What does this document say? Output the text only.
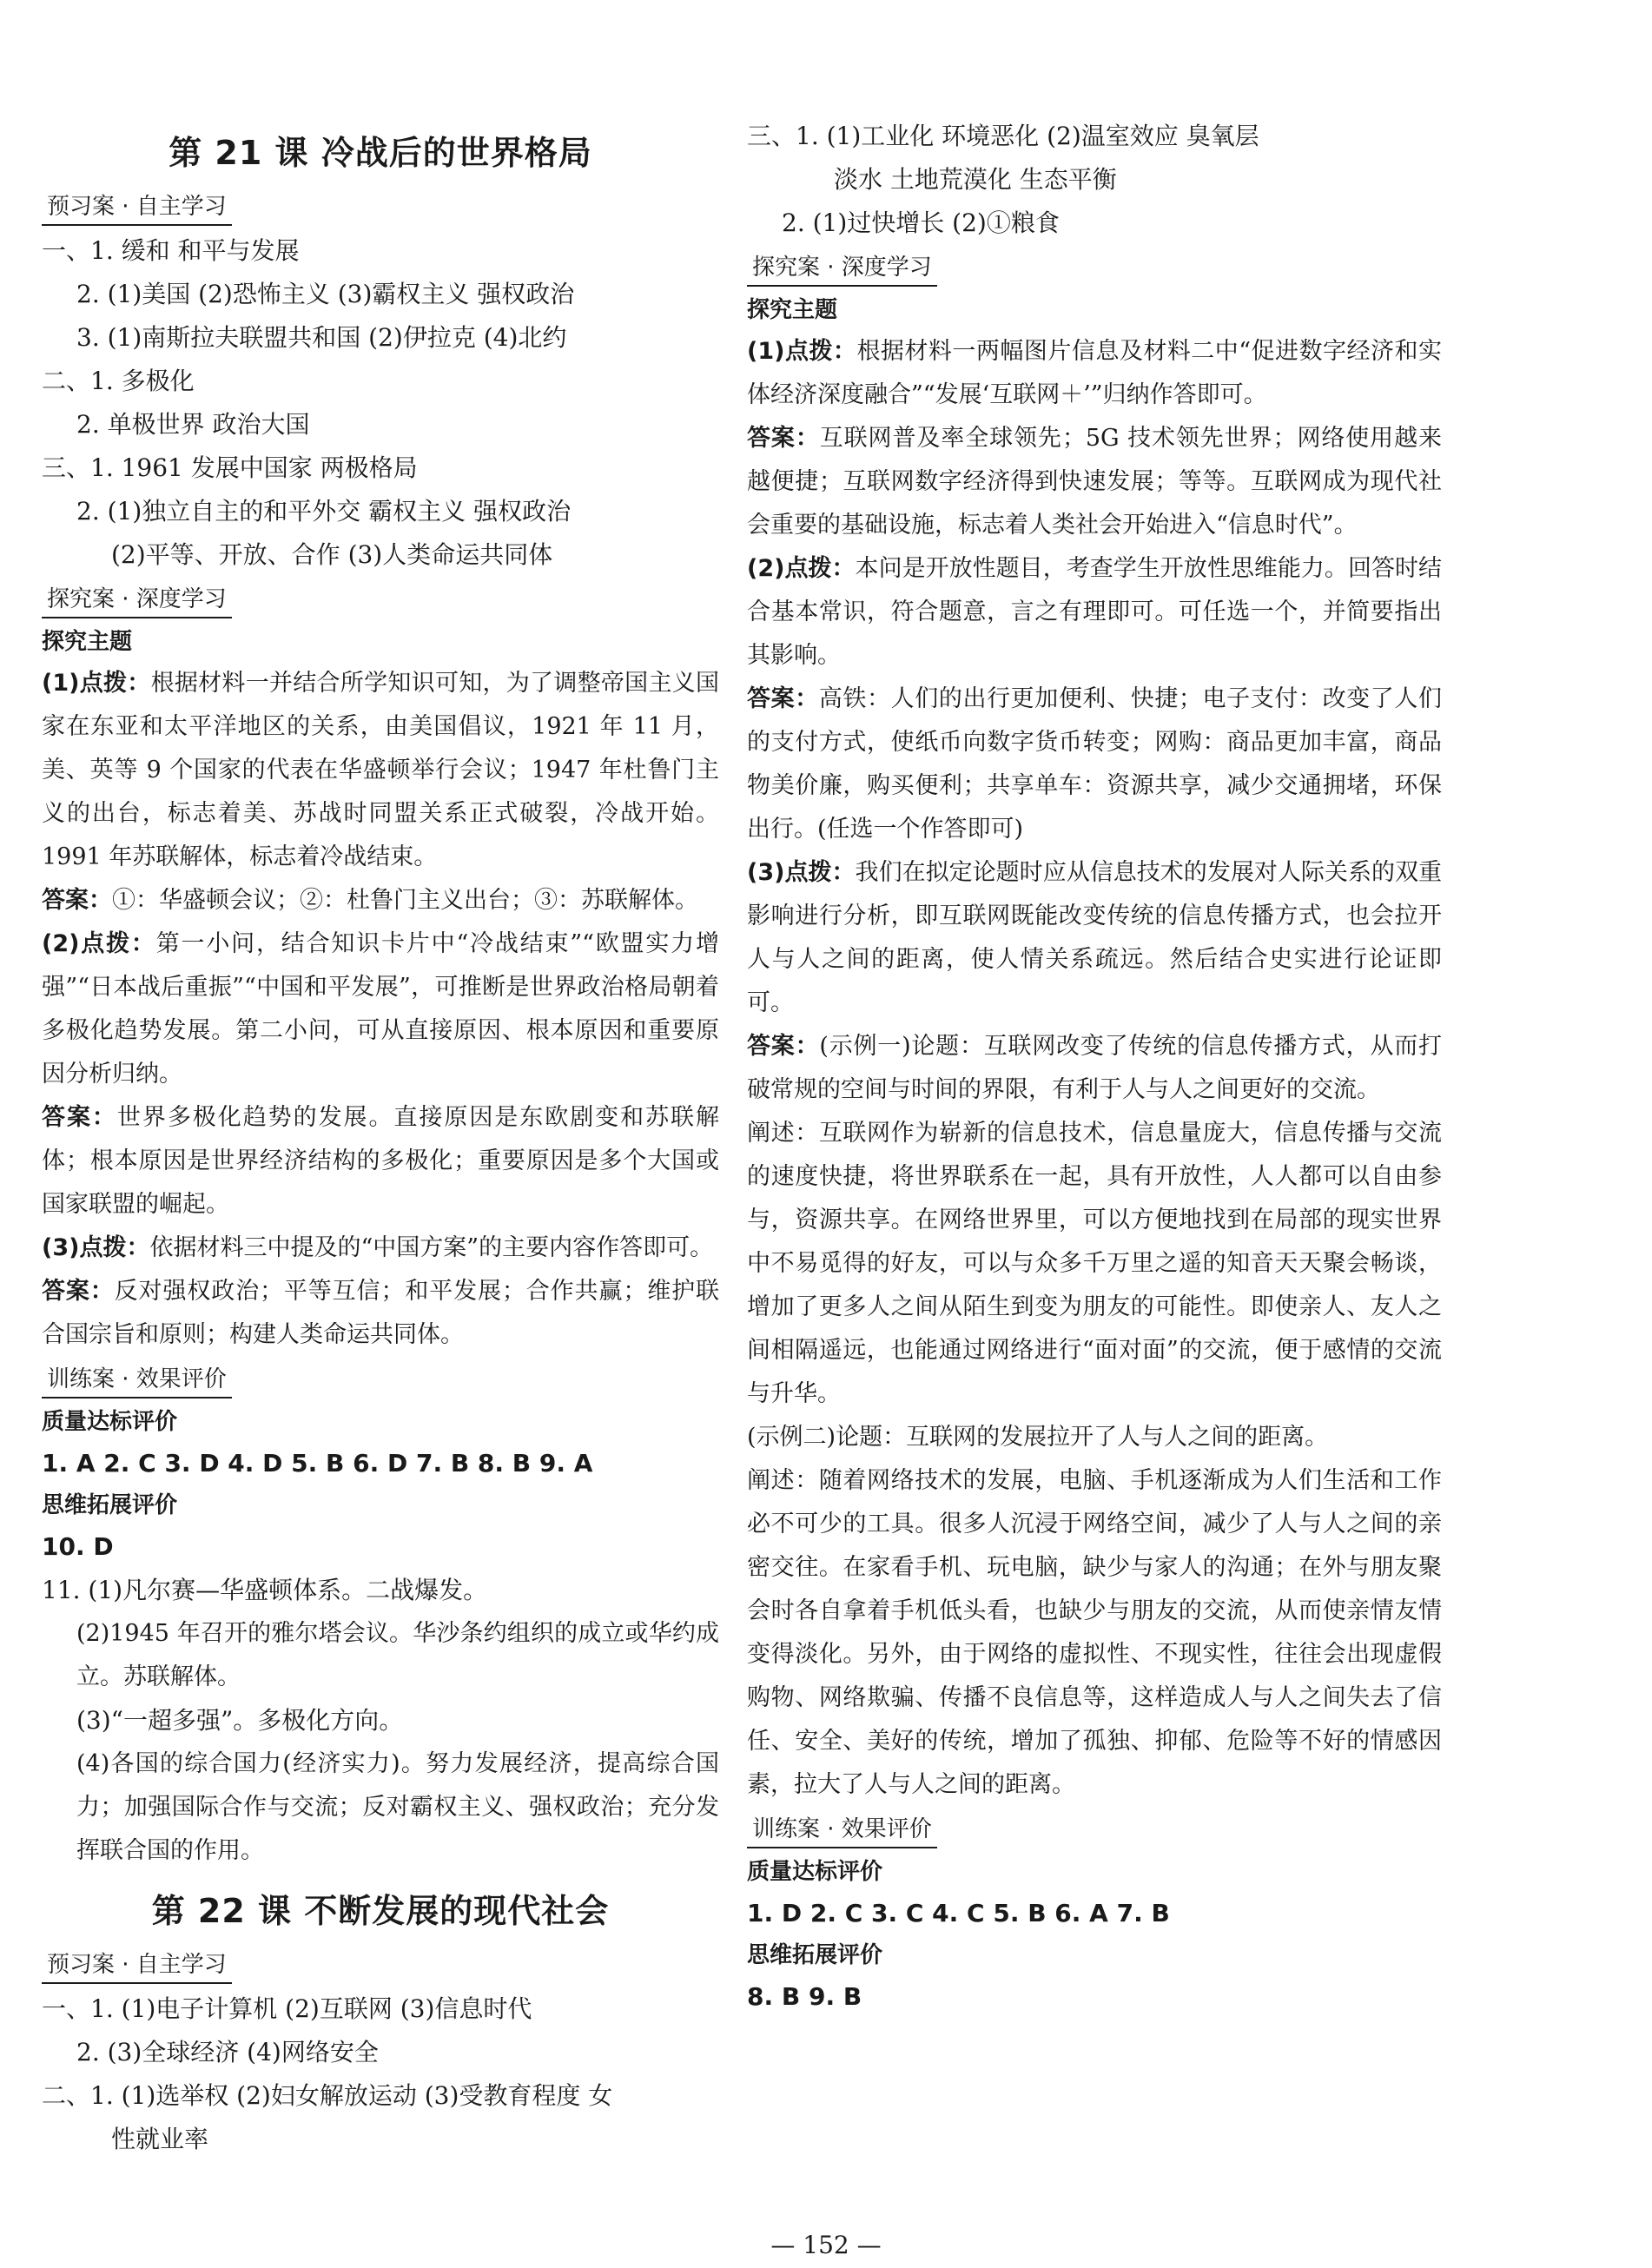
第 21 课 冷战后的世界格局
预习案 · 自主学习
一、1. 缓和 和平与发展
2. (1)美国 (2)恐怖主义 (3)霸权主义 强权政治
3. (1)南斯拉夫联盟共和国 (2)伊拉克 (4)北约
二、1. 多极化
2. 单极世界 政治大国
三、1. 1961 发展中国家 两极格局
2. (1)独立自主的和平外交 霸权主义 强权政治
(2)平等、开放、合作 (3)人类命运共同体
探究案 · 深度学习
探究主题
(1)点拨：根据材料一并结合所学知识可知，为了调整帝国主义国家在东亚和太平洋地区的关系，由美国倡议，1921 年 11 月，美、英等 9 个国家的代表在华盛顿举行会议；1947 年杜鲁门主义的出台，标志着美、苏战时同盟关系正式破裂，冷战开始。1991 年苏联解体，标志着冷战结束。
答案：①：华盛顿会议；②：杜鲁门主义出台；③：苏联解体。
(2)点拨：第一小问，结合知识卡片中“冷战结束”“欧盟实力增强”“日本战后重振”“中国和平发展”，可推断是世界政治格局朝着多极化趋势发展。第二小问，可从直接原因、根本原因和重要原因分析归纳。
答案：世界多极化趋势的发展。直接原因是东欧剧变和苏联解体；根本原因是世界经济结构的多极化；重要原因是多个大国或国家联盟的崛起。
(3)点拨：依据材料三中提及的“中国方案”的主要内容作答即可。
答案：反对强权政治；平等互信；和平发展；合作共赢；维护联合国宗旨和原则；构建人类命运共同体。
训练案 · 效果评价
质量达标评价
1. A 2. C 3. D 4. D 5. B 6. D 7. B 8. B 9. A
思维拓展评价
10. D
11. (1)凡尔赛—华盛顿体系。二战爆发。
(2)1945 年召开的雅尔塔会议。华沙条约组织的成立或华约成立。苏联解体。
(3)“一超多强”。多极化方向。
(4)各国的综合国力(经济实力)。努力发展经济，提高综合国力；加强国际合作与交流；反对霸权主义、强权政治；充分发挥联合国的作用。
第 22 课 不断发展的现代社会
预习案 · 自主学习
一、1. (1)电子计算机 (2)互联网 (3)信息时代
2. (3)全球经济 (4)网络安全
二、1. (1)选举权 (2)妇女解放运动 (3)受教育程度 女
性就业率
三、1. (1)工业化 环境恶化 (2)温室效应 臭氧层
淡水 土地荒漠化 生态平衡
2. (1)过快增长 (2)①粮食
探究案 · 深度学习
探究主题
(1)点拨：根据材料一两幅图片信息及材料二中“促进数字经济和实体经济深度融合”“发展‘互联网＋’”归纳作答即可。
答案：互联网普及率全球领先；5G 技术领先世界；网络使用越来越便捷；互联网数字经济得到快速发展；等等。互联网成为现代社会重要的基础设施，标志着人类社会开始进入“信息时代”。
(2)点拨：本问是开放性题目，考查学生开放性思维能力。回答时结合基本常识，符合题意，言之有理即可。可任选一个，并简要指出其影响。
答案：高铁：人们的出行更加便利、快捷；电子支付：改变了人们的支付方式，使纸币向数字货币转变；网购：商品更加丰富，商品物美价廉，购买便利；共享单车：资源共享，减少交通拥堵，环保出行。(任选一个作答即可)
(3)点拨：我们在拟定论题时应从信息技术的发展对人际关系的双重影响进行分析，即互联网既能改变传统的信息传播方式，也会拉开人与人之间的距离，使人情关系疏远。然后结合史实进行论证即可。
答案：(示例一)论题：互联网改变了传统的信息传播方式，从而打破常规的空间与时间的界限，有利于人与人之间更好的交流。
阐述：互联网作为崭新的信息技术，信息量庞大，信息传播与交流的速度快捷，将世界联系在一起，具有开放性，人人都可以自由参与，资源共享。在网络世界里，可以方便地找到在局部的现实世界中不易觅得的好友，可以与众多千万里之遥的知音天天聚会畅谈，增加了更多人之间从陌生到变为朋友的可能性。即使亲人、友人之间相隔遥远，也能通过网络进行“面对面”的交流，便于感情的交流与升华。
(示例二)论题：互联网的发展拉开了人与人之间的距离。
阐述：随着网络技术的发展，电脑、手机逐渐成为人们生活和工作必不可少的工具。很多人沉浸于网络空间，减少了人与人之间的亲密交往。在家看手机、玩电脑，缺少与家人的沟通；在外与朋友聚会时各自拿着手机低头看，也缺少与朋友的交流，从而使亲情友情变得淡化。另外，由于网络的虚拟性、不现实性，往往会出现虚假购物、网络欺骗、传播不良信息等，这样造成人与人之间失去了信任、安全、美好的传统，增加了孤独、抑郁、危险等不好的情感因素，拉大了人与人之间的距离。
训练案 · 效果评价
质量达标评价
1. D 2. C 3. C 4. C 5. B 6. A 7. B
思维拓展评价
8. B 9. B
— 152 —
